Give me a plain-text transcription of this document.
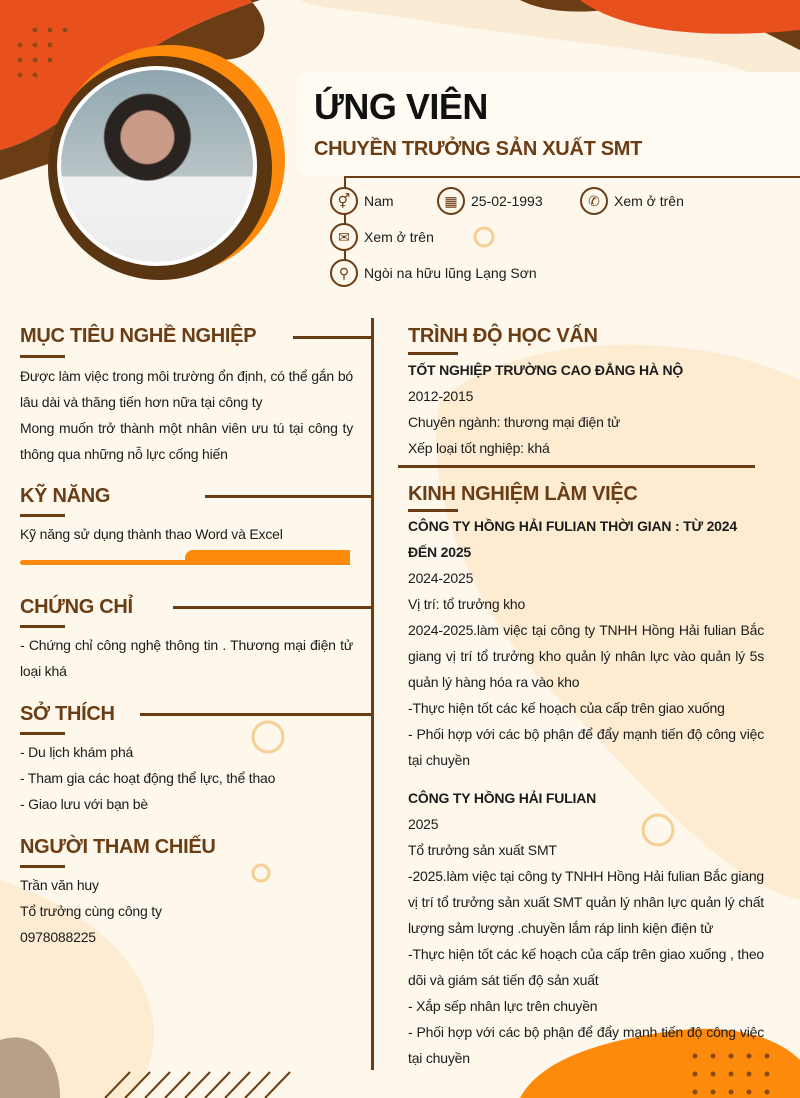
ỨNG VIÊN
CHUYỀN TRƯỞNG SẢN XUẤT SMT
⚥ Nam	▦ 25-02-1993	✆	Xem ở trên
✉	Xem ở trên
⚲	Ngòi na hữu lũng Lạng Sơn
MỤC TIÊU NGHỀ NGHIỆP
Được làm việc trong môi trường ổn định, có thể gắn bó lâu dài và thăng tiến hơn nữa tại công ty
Mong muốn trở thành một nhân viên ưu tú tại công ty thông qua những nỗ lực cống hiến
KỸ NĂNG
Kỹ năng sử dụng thành thao Word và Excel
CHỨNG CHỈ
- Chứng chỉ công nghệ thông tin . Thương mại điện tử loại khá
SỞ THÍCH
- Du lịch khám phá
- Tham gia các hoạt động thể lực, thể thao
- Giao lưu với bạn bè
NGƯỜI THAM CHIẾU
Trần văn huy
Tổ trưởng cùng công ty
0978088225
TRÌNH ĐỘ HỌC VẤN
TỐT NGHIỆP TRƯỜNG CAO ĐẲNG HÀ NỘ
2012-2015
Chuyên ngành: thương mại điện tử
Xếp loại tốt nghiệp: khá
KINH NGHIỆM LÀM VIỆC
CÔNG TY HỒNG HẢI FULIAN THỜI GIAN : TỪ 2024 ĐẾN 2025
2024-2025
Vị trí: tổ trưởng kho
2024-2025.làm việc tại công ty TNHH Hồng Hải fulian Bắc giang vị trí tổ trưởng kho quản lý nhân lực vào quản lý 5s quản lý hàng hóa ra vào kho
-Thực hiện tốt các kế hoạch của cấp trên giao xuống
- Phối hợp với các bộ phận để đẩy mạnh tiến độ công việc tại chuyền
CÔNG TY HỒNG HẢI FULIAN
2025
Tổ trưởng sản xuất SMT
-2025.làm việc tại công ty TNHH Hồng Hải fulian Bắc giang vị trí tổ trưởng sản xuất SMT quản lý nhân lực quản lý chất lượng sảm lượng .chuyền lắm ráp linh kiện điện tử
-Thực hiện tốt các kế hoạch của cấp trên giao xuống , theo dõi và giám sát tiến độ sản xuất
- Xắp sếp nhân lực trên chuyền
- Phối hợp với các bộ phận để đẩy mạnh tiến độ công việc tại chuyền
